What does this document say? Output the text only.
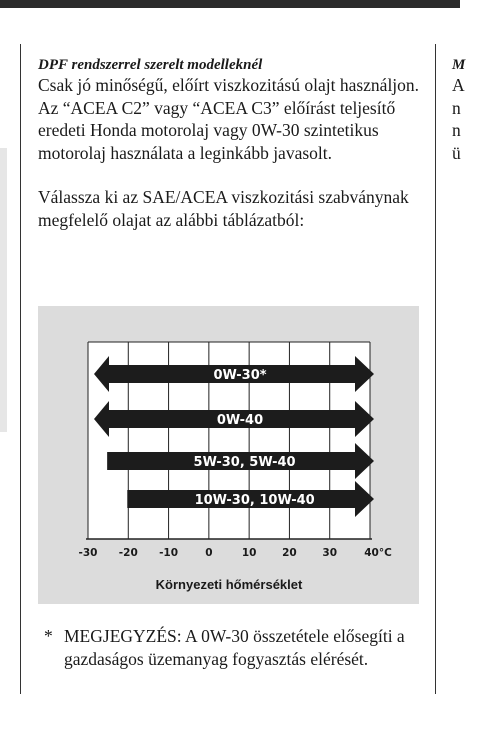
DPF rendszerrel szerelt modelleknél

Csak jó minőségű, előírt viszkozitású olajt használjon. Az “ACEA C2” vagy “ACEA C3” előírást teljesítő eredeti Honda motorolaj vagy 0W-30 szintetikus motorolaj használata a leginkább javasolt.

Válassza ki az SAE/ACEA viszkozitási szabványnak megfelelő olajat az alábbi táblázatból:

0W-30*
0W-40
5W-30, 5W-40
10W-30, 10W-40
-30 -20 -10	0	10 20 30	40°C
Környezeti hőmérséklet
* MEGJEGYZÉS: A 0W-30 összetétele elősegíti a gazdaságos üzemanyag fogyasztás elérését.
M
A
n
n
ü
